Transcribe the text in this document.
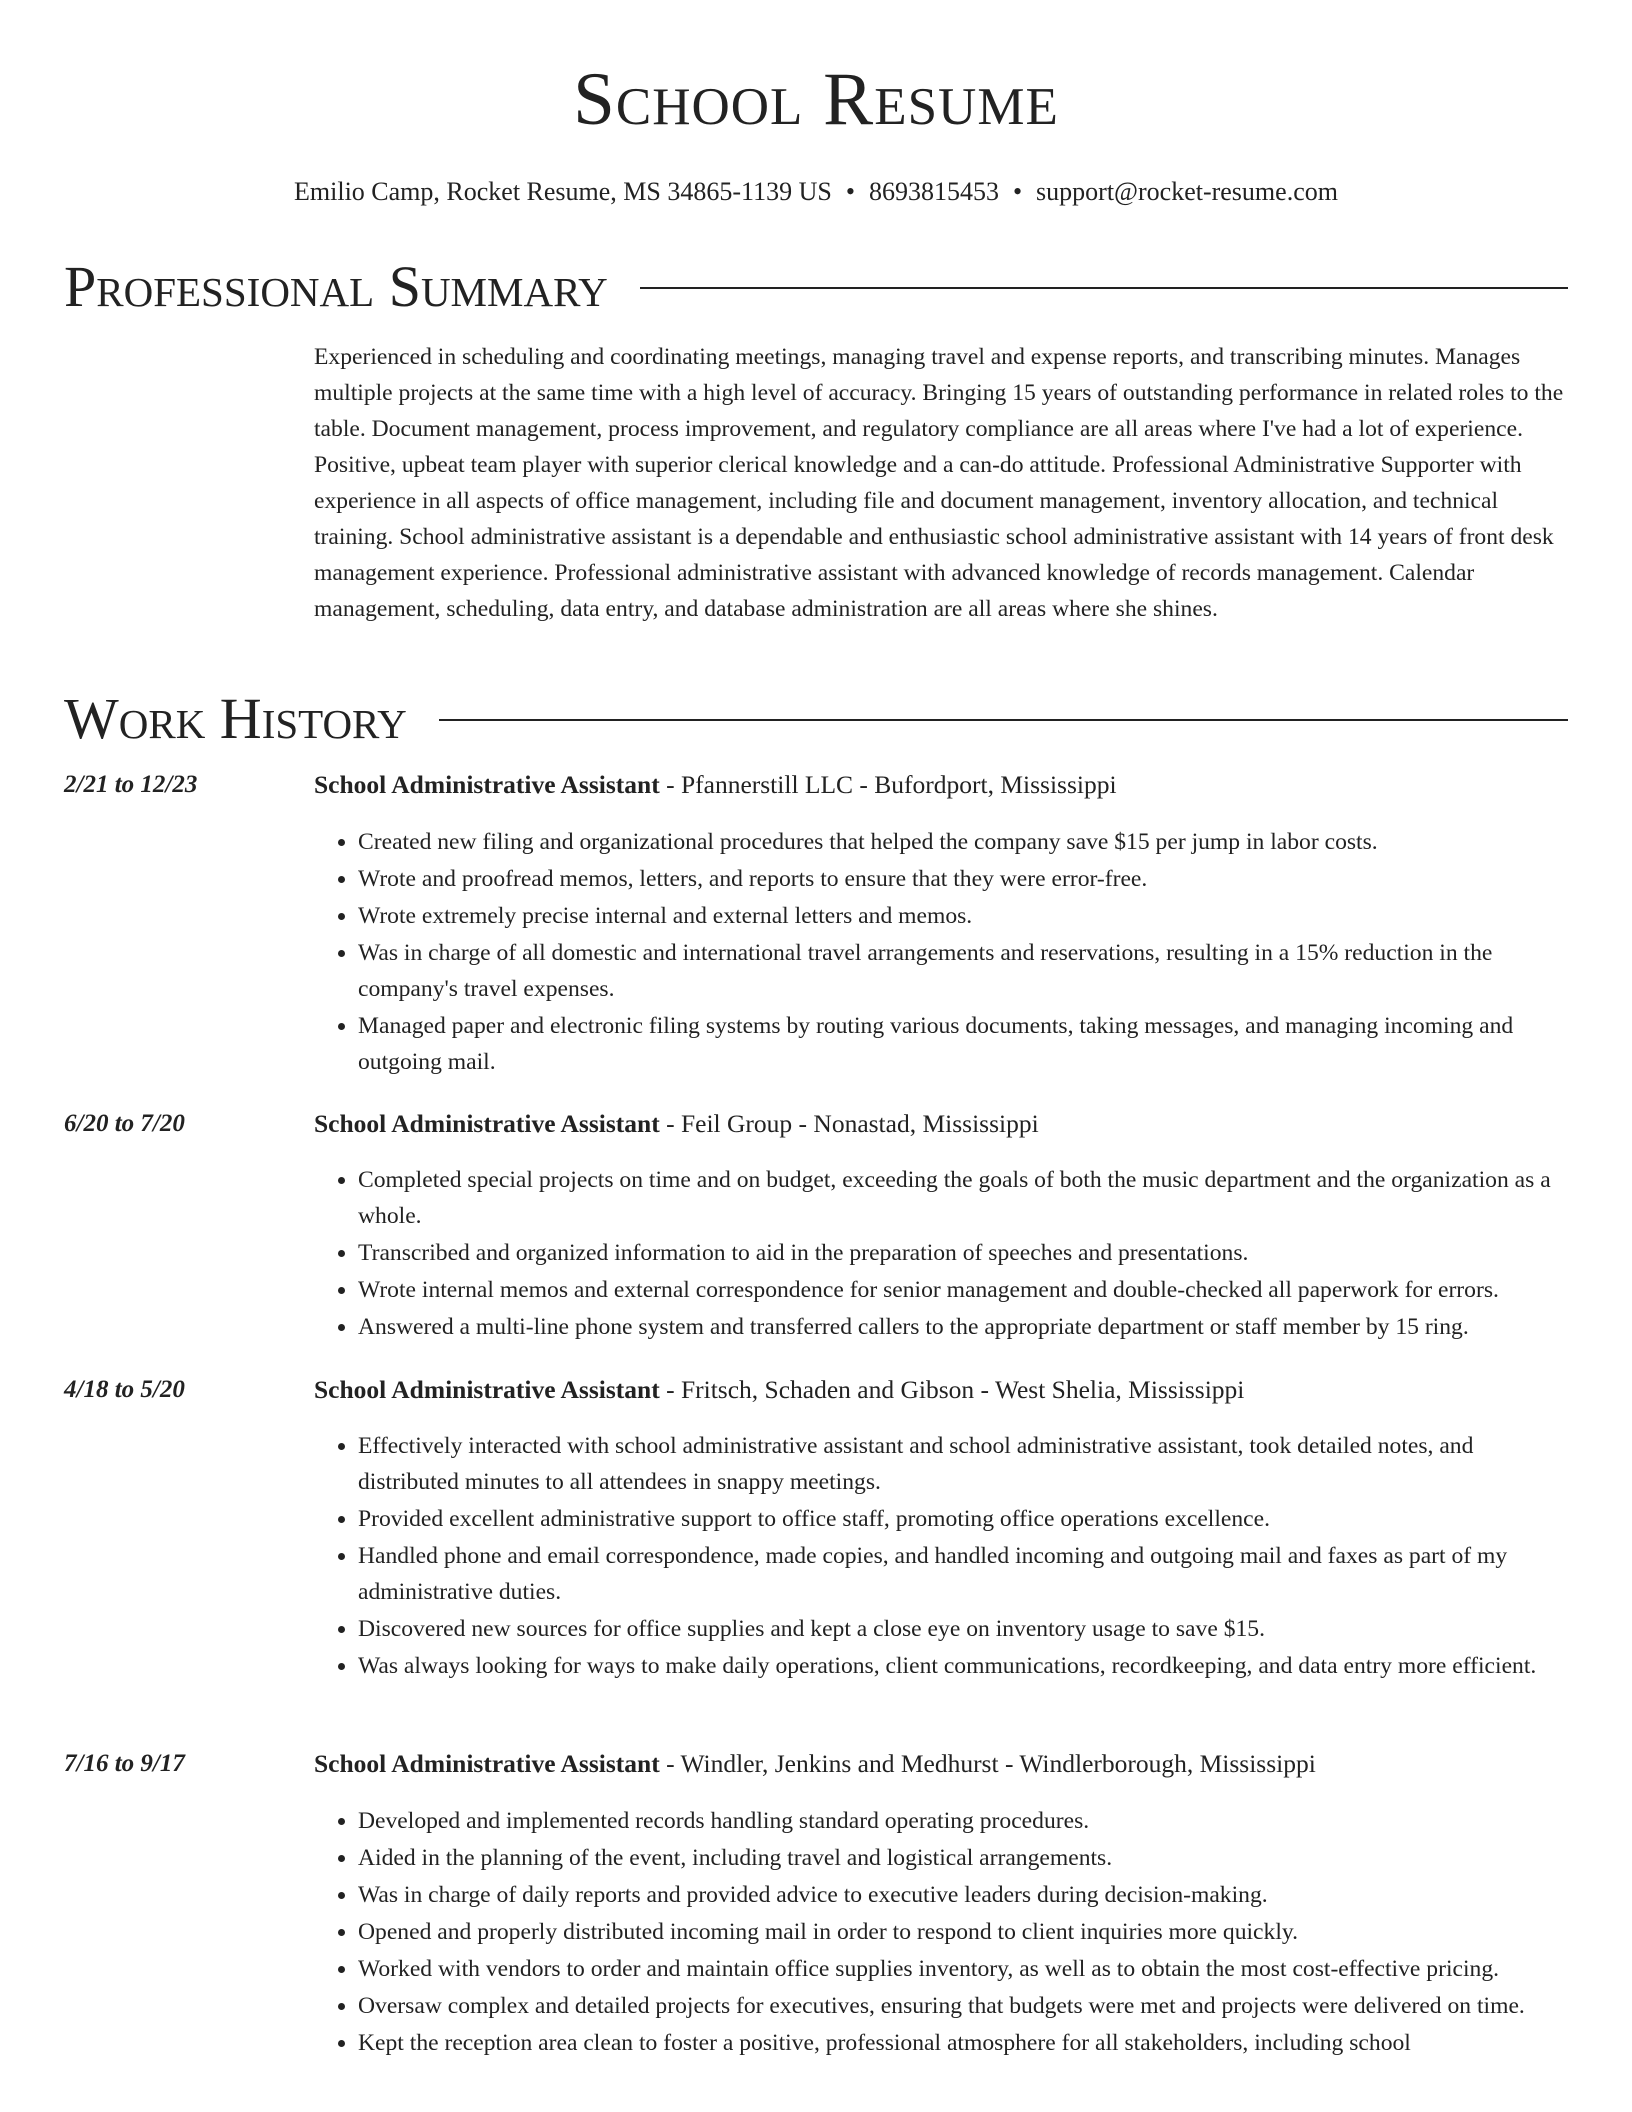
School Resume
Emilio Camp, Rocket Resume, MS 34865-1139 US • 8693815453 • support@rocket-resume.com
Professional Summary
Experienced in scheduling and coordinating meetings, managing travel and expense reports, and transcribing minutes. Manages multiple projects at the same time with a high level of accuracy. Bringing 15 years of outstanding performance in related roles to the table. Document management, process improvement, and regulatory compliance are all areas where I've had a lot of experience. Positive, upbeat team player with superior clerical knowledge and a can-do attitude. Professional Administrative Supporter with experience in all aspects of office management, including file and document management, inventory allocation, and technical training. School administrative assistant is a dependable and enthusiastic school administrative assistant with 14 years of front desk management experience. Professional administrative assistant with advanced knowledge of records management. Calendar management, scheduling, data entry, and database administration are all areas where she shines.
Work History
2/21 to 12/23	School Administrative Assistant - Pfannerstill LLC - Bufordport, Mississippi
• Created new filing and organizational procedures that helped the company save $15 per jump in labor costs.
• Wrote and proofread memos, letters, and reports to ensure that they were error-free.
• Wrote extremely precise internal and external letters and memos.
• Was in charge of all domestic and international travel arrangements and reservations, resulting in a 15% reduction in the company's travel expenses.
• Managed paper and electronic filing systems by routing various documents, taking messages, and managing incoming and outgoing mail.
6/20 to 7/20	School Administrative Assistant - Feil Group - Nonastad, Mississippi
• Completed special projects on time and on budget, exceeding the goals of both the music department and the organization as a whole.
• Transcribed and organized information to aid in the preparation of speeches and presentations.
• Wrote internal memos and external correspondence for senior management and double-checked all paperwork for errors.
• Answered a multi-line phone system and transferred callers to the appropriate department or staff member by 15 ring.
4/18 to 5/20	School Administrative Assistant - Fritsch, Schaden and Gibson - West Shelia, Mississippi
• Effectively interacted with school administrative assistant and school administrative assistant, took detailed notes, and distributed minutes to all attendees in snappy meetings.
• Provided excellent administrative support to office staff, promoting office operations excellence.
• Handled phone and email correspondence, made copies, and handled incoming and outgoing mail and faxes as part of my administrative duties.
• Discovered new sources for office supplies and kept a close eye on inventory usage to save $15.
• Was always looking for ways to make daily operations, client communications, recordkeeping, and data entry more efficient.
7/16 to 9/17	School Administrative Assistant - Windler, Jenkins and Medhurst - Windlerborough, Mississippi
• Developed and implemented records handling standard operating procedures.
• Aided in the planning of the event, including travel and logistical arrangements.
• Was in charge of daily reports and provided advice to executive leaders during decision-making.
• Opened and properly distributed incoming mail in order to respond to client inquiries more quickly.
• Worked with vendors to order and maintain office supplies inventory, as well as to obtain the most cost-effective pricing.
• Oversaw complex and detailed projects for executives, ensuring that budgets were met and projects were delivered on time.
• Kept the reception area clean to foster a positive, professional atmosphere for all stakeholders, including school
